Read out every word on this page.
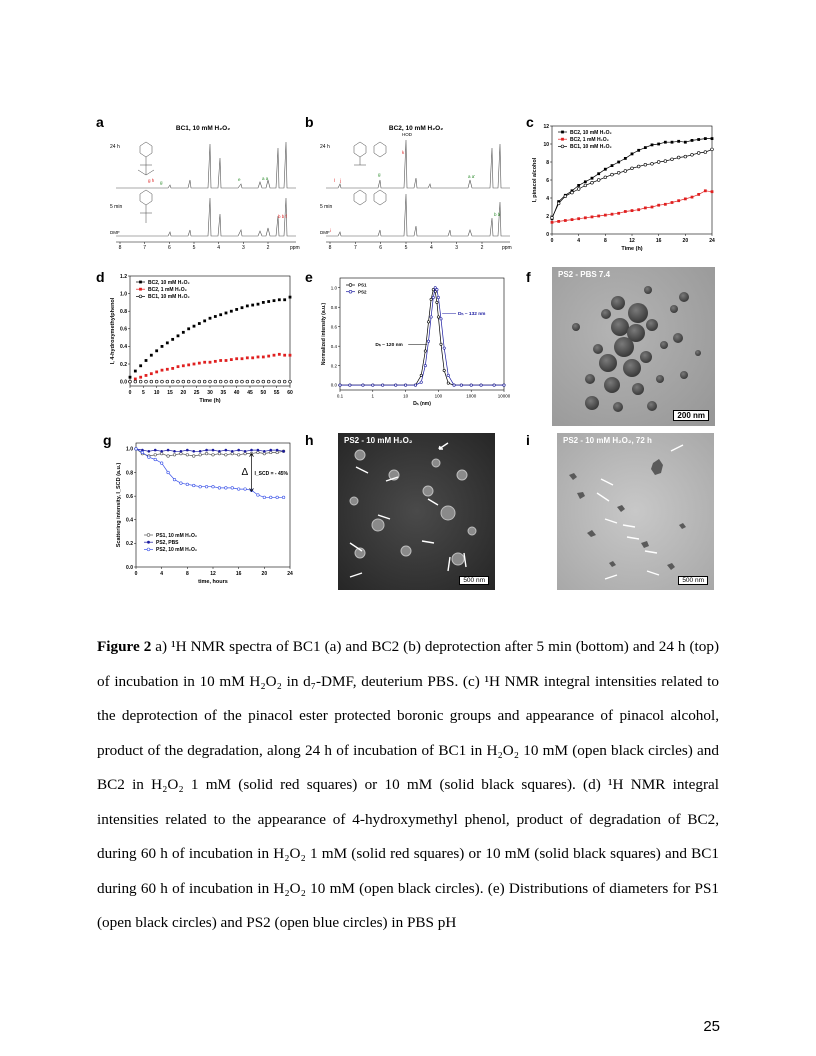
a	b	c
d	e	f
g	h	i
BC1, 10 mM H₂O₂
24 h
5 min
DMF
g
e	a a
g h
b b f
8	7	6	5	4	3	2	ppm
BC2, 10 mM H₂O₂
24 h
5 min
DMF
HOD
l j
k
i
g	a a'
b b
8	7	6	5	4	3	2	ppm
0	4	8	12	16	20	24
0
2
4
6
8
10
12
Time (h)
I, pinacol alcohol
BC2, 10 mM H₂O₂
BC2, 1 mM H₂O₂
BC1, 10 mM H₂O₂
0 5 10 15 20 25 30 35 40 45 50 55 60
0.0
0.2
0.4
0.6
0.8
1.0
1.2
Time (h)
I, 4-hydroxymethylphenol
BC2, 10 mM H₂O₂
BC2, 1 mM H₂O₂
BC1, 10 mM H₂O₂
0.1	1	10	100	1000	10000
0.0
0.2
0.4
0.6
0.8
1.0
Dₕ (nm)
Normalized intensity (a.u.)
PS1
PS2
Dₕ ~ 132 nm
Dₕ ~ 120 nm
PS2 - PBS 7.4
200 nm
0	4	8	12	16	20	24
0.0
0.2
0.4
0.6
0.8
1.0
time, hours
Scattering intensity, I_SCD (a.u.)	PS1, 10 mM H₂O₂
PS2, PBS
PS2, 10 mM H₂O₂
Δ I_SCD = - 45%
PS2 - 10 mM H₂O₂
500 nm
PS2 - 10 mM H₂O₂, 72 h
500 nm

Figure 2 a) ¹H NMR spectra of BC1 (a) and BC2 (b) deprotection after 5 min (bottom) and 24 h (top) of incubation in 10 mM H₂O₂ in d₇-DMF, deuterium PBS. (c) ¹H NMR integral intensities related to the deprotection of the pinacol ester protected boronic groups and appearance of pinacol alcohol, product of the degradation, along 24 h of incubation of BC1 in H₂O₂ 10 mM (open black circles) and BC2 in H₂O₂ 1 mM (solid red squares) or 10 mM (solid black squares). (d) ¹H NMR integral intensities related to the appearance of 4-hydroxymethyl phenol, product of degradation of BC2, during 60 h of incubation in H₂O₂ 1 mM (solid red squares) or 10 mM (solid black squares) and BC1 during 60 h of incubation in H₂O₂ 10 mM (open black circles). (e) Distributions of diameters for PS1 (open black circles) and PS2 (open blue circles) in PBS pH

25
